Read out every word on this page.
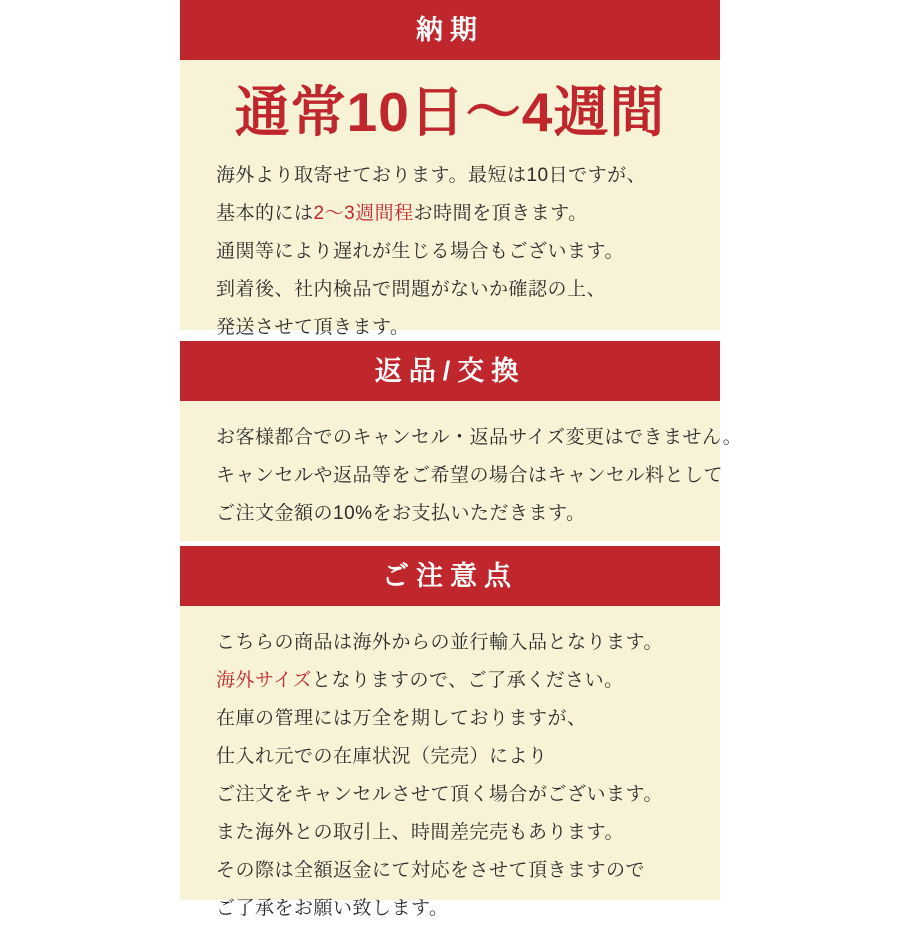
納期
通常10日〜4週間
海外より取寄せております。最短は10日ですが、
基本的には2〜3週間程お時間を頂きます。
通関等により遅れが生じる場合もございます。
到着後、社内検品で問題がないか確認の上、
発送させて頂きます。
返品/交換
お客様都合でのキャンセル・返品サイズ変更はできません。
キャンセルや返品等をご希望の場合はキャンセル料として
ご注文金額の10%をお支払いただきます。
ご注意点
こちらの商品は海外からの並行輸入品となります。
海外サイズとなりますので、ご了承ください。
在庫の管理には万全を期しておりますが、
仕入れ元での在庫状況（完売）により
ご注文をキャンセルさせて頂く場合がございます。
また海外との取引上、時間差完売もあります。
その際は全額返金にて対応をさせて頂きますので
ご了承をお願い致します。
